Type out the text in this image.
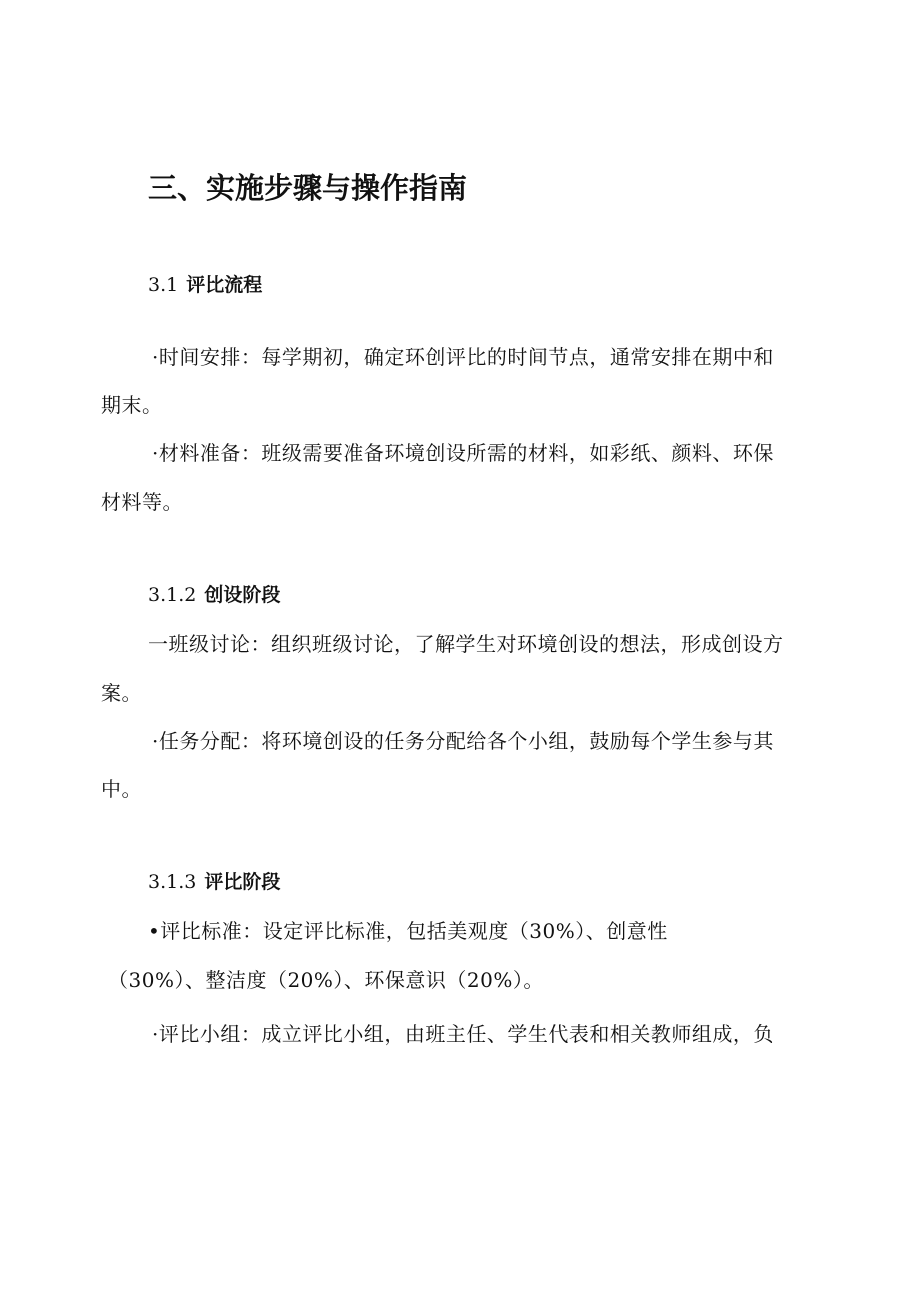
三、实施步骤与操作指南
3.1 评比流程
·时间安排：每学期初，确定环创评比的时间节点，通常安排在期中和
期末。
·材料准备：班级需要准备环境创设所需的材料，如彩纸、颜料、环保
材料等。
3.1.2 创设阶段
一班级讨论：组织班级讨论，了解学生对环境创设的想法，形成创设方
案。
·任务分配：将环境创设的任务分配给各个小组，鼓励每个学生参与其
中。
3.1.3 评比阶段
•评比标准：设定评比标准，包括美观度（30%）、创意性
（30%）、整洁度（20%）、环保意识（20%）。
·评比小组：成立评比小组，由班主任、学生代表和相关教师组成，负
